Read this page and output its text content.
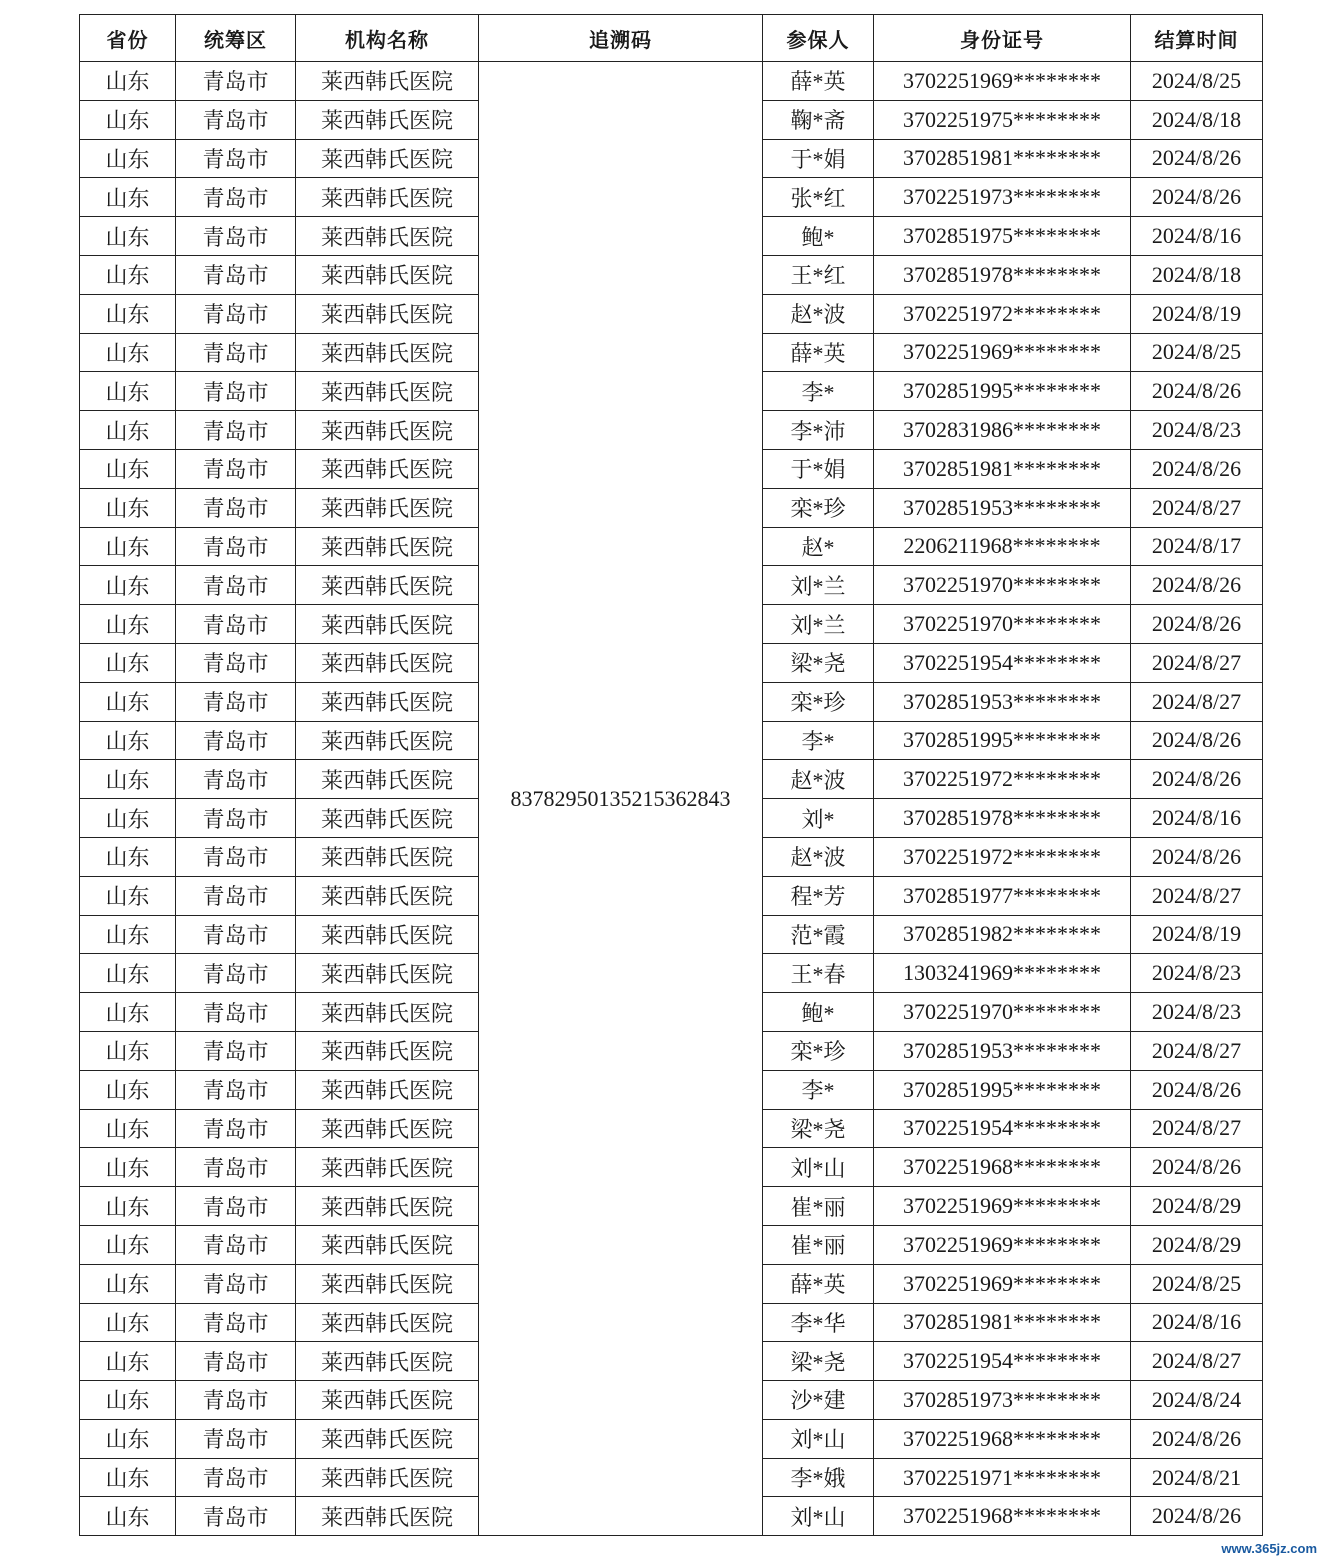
省份	统筹区	机构名称	追溯码	参保人	身份证号	结算时间
山东	青岛市	莱西韩氏医院	83782950135215362843	薛*英	3702251969********	2024/8/25
山东	青岛市	莱西韩氏医院		鞠*斋	3702251975********	2024/8/18
山东	青岛市	莱西韩氏医院		于*娟	3702851981********	2024/8/26
山东	青岛市	莱西韩氏医院		张*红	3702251973********	2024/8/26
山东	青岛市	莱西韩氏医院		鲍*	3702851975********	2024/8/16
山东	青岛市	莱西韩氏医院		王*红	3702851978********	2024/8/18
山东	青岛市	莱西韩氏医院		赵*波	3702251972********	2024/8/19
山东	青岛市	莱西韩氏医院		薛*英	3702251969********	2024/8/25
山东	青岛市	莱西韩氏医院		李*	3702851995********	2024/8/26
山东	青岛市	莱西韩氏医院		李*沛	3702831986********	2024/8/23
山东	青岛市	莱西韩氏医院		于*娟	3702851981********	2024/8/26
山东	青岛市	莱西韩氏医院		栾*珍	3702851953********	2024/8/27
山东	青岛市	莱西韩氏医院		赵*	2206211968********	2024/8/17
山东	青岛市	莱西韩氏医院		刘*兰	3702251970********	2024/8/26
山东	青岛市	莱西韩氏医院		刘*兰	3702251970********	2024/8/26
山东	青岛市	莱西韩氏医院		梁*尧	3702251954********	2024/8/27
山东	青岛市	莱西韩氏医院		栾*珍	3702851953********	2024/8/27
山东	青岛市	莱西韩氏医院		李*	3702851995********	2024/8/26
山东	青岛市	莱西韩氏医院		赵*波	3702251972********	2024/8/26
山东	青岛市	莱西韩氏医院		刘*	3702851978********	2024/8/16
山东	青岛市	莱西韩氏医院		赵*波	3702251972********	2024/8/26
山东	青岛市	莱西韩氏医院		程*芳	3702851977********	2024/8/27
山东	青岛市	莱西韩氏医院		范*霞	3702851982********	2024/8/19
山东	青岛市	莱西韩氏医院		王*春	1303241969********	2024/8/23
山东	青岛市	莱西韩氏医院		鲍*	3702251970********	2024/8/23
山东	青岛市	莱西韩氏医院		栾*珍	3702851953********	2024/8/27
山东	青岛市	莱西韩氏医院		李*	3702851995********	2024/8/26
山东	青岛市	莱西韩氏医院		梁*尧	3702251954********	2024/8/27
山东	青岛市	莱西韩氏医院		刘*山	3702251968********	2024/8/26
山东	青岛市	莱西韩氏医院		崔*丽	3702251969********	2024/8/29
山东	青岛市	莱西韩氏医院		崔*丽	3702251969********	2024/8/29
山东	青岛市	莱西韩氏医院		薛*英	3702251969********	2024/8/25
山东	青岛市	莱西韩氏医院		李*华	3702851981********	2024/8/16
山东	青岛市	莱西韩氏医院		梁*尧	3702251954********	2024/8/27
山东	青岛市	莱西韩氏医院		沙*建	3702851973********	2024/8/24
山东	青岛市	莱西韩氏医院		刘*山	3702251968********	2024/8/26
山东	青岛市	莱西韩氏医院		李*娥	3702251971********	2024/8/21
山东	青岛市	莱西韩氏医院		刘*山	3702251968********	2024/8/26
www.365jz.com
